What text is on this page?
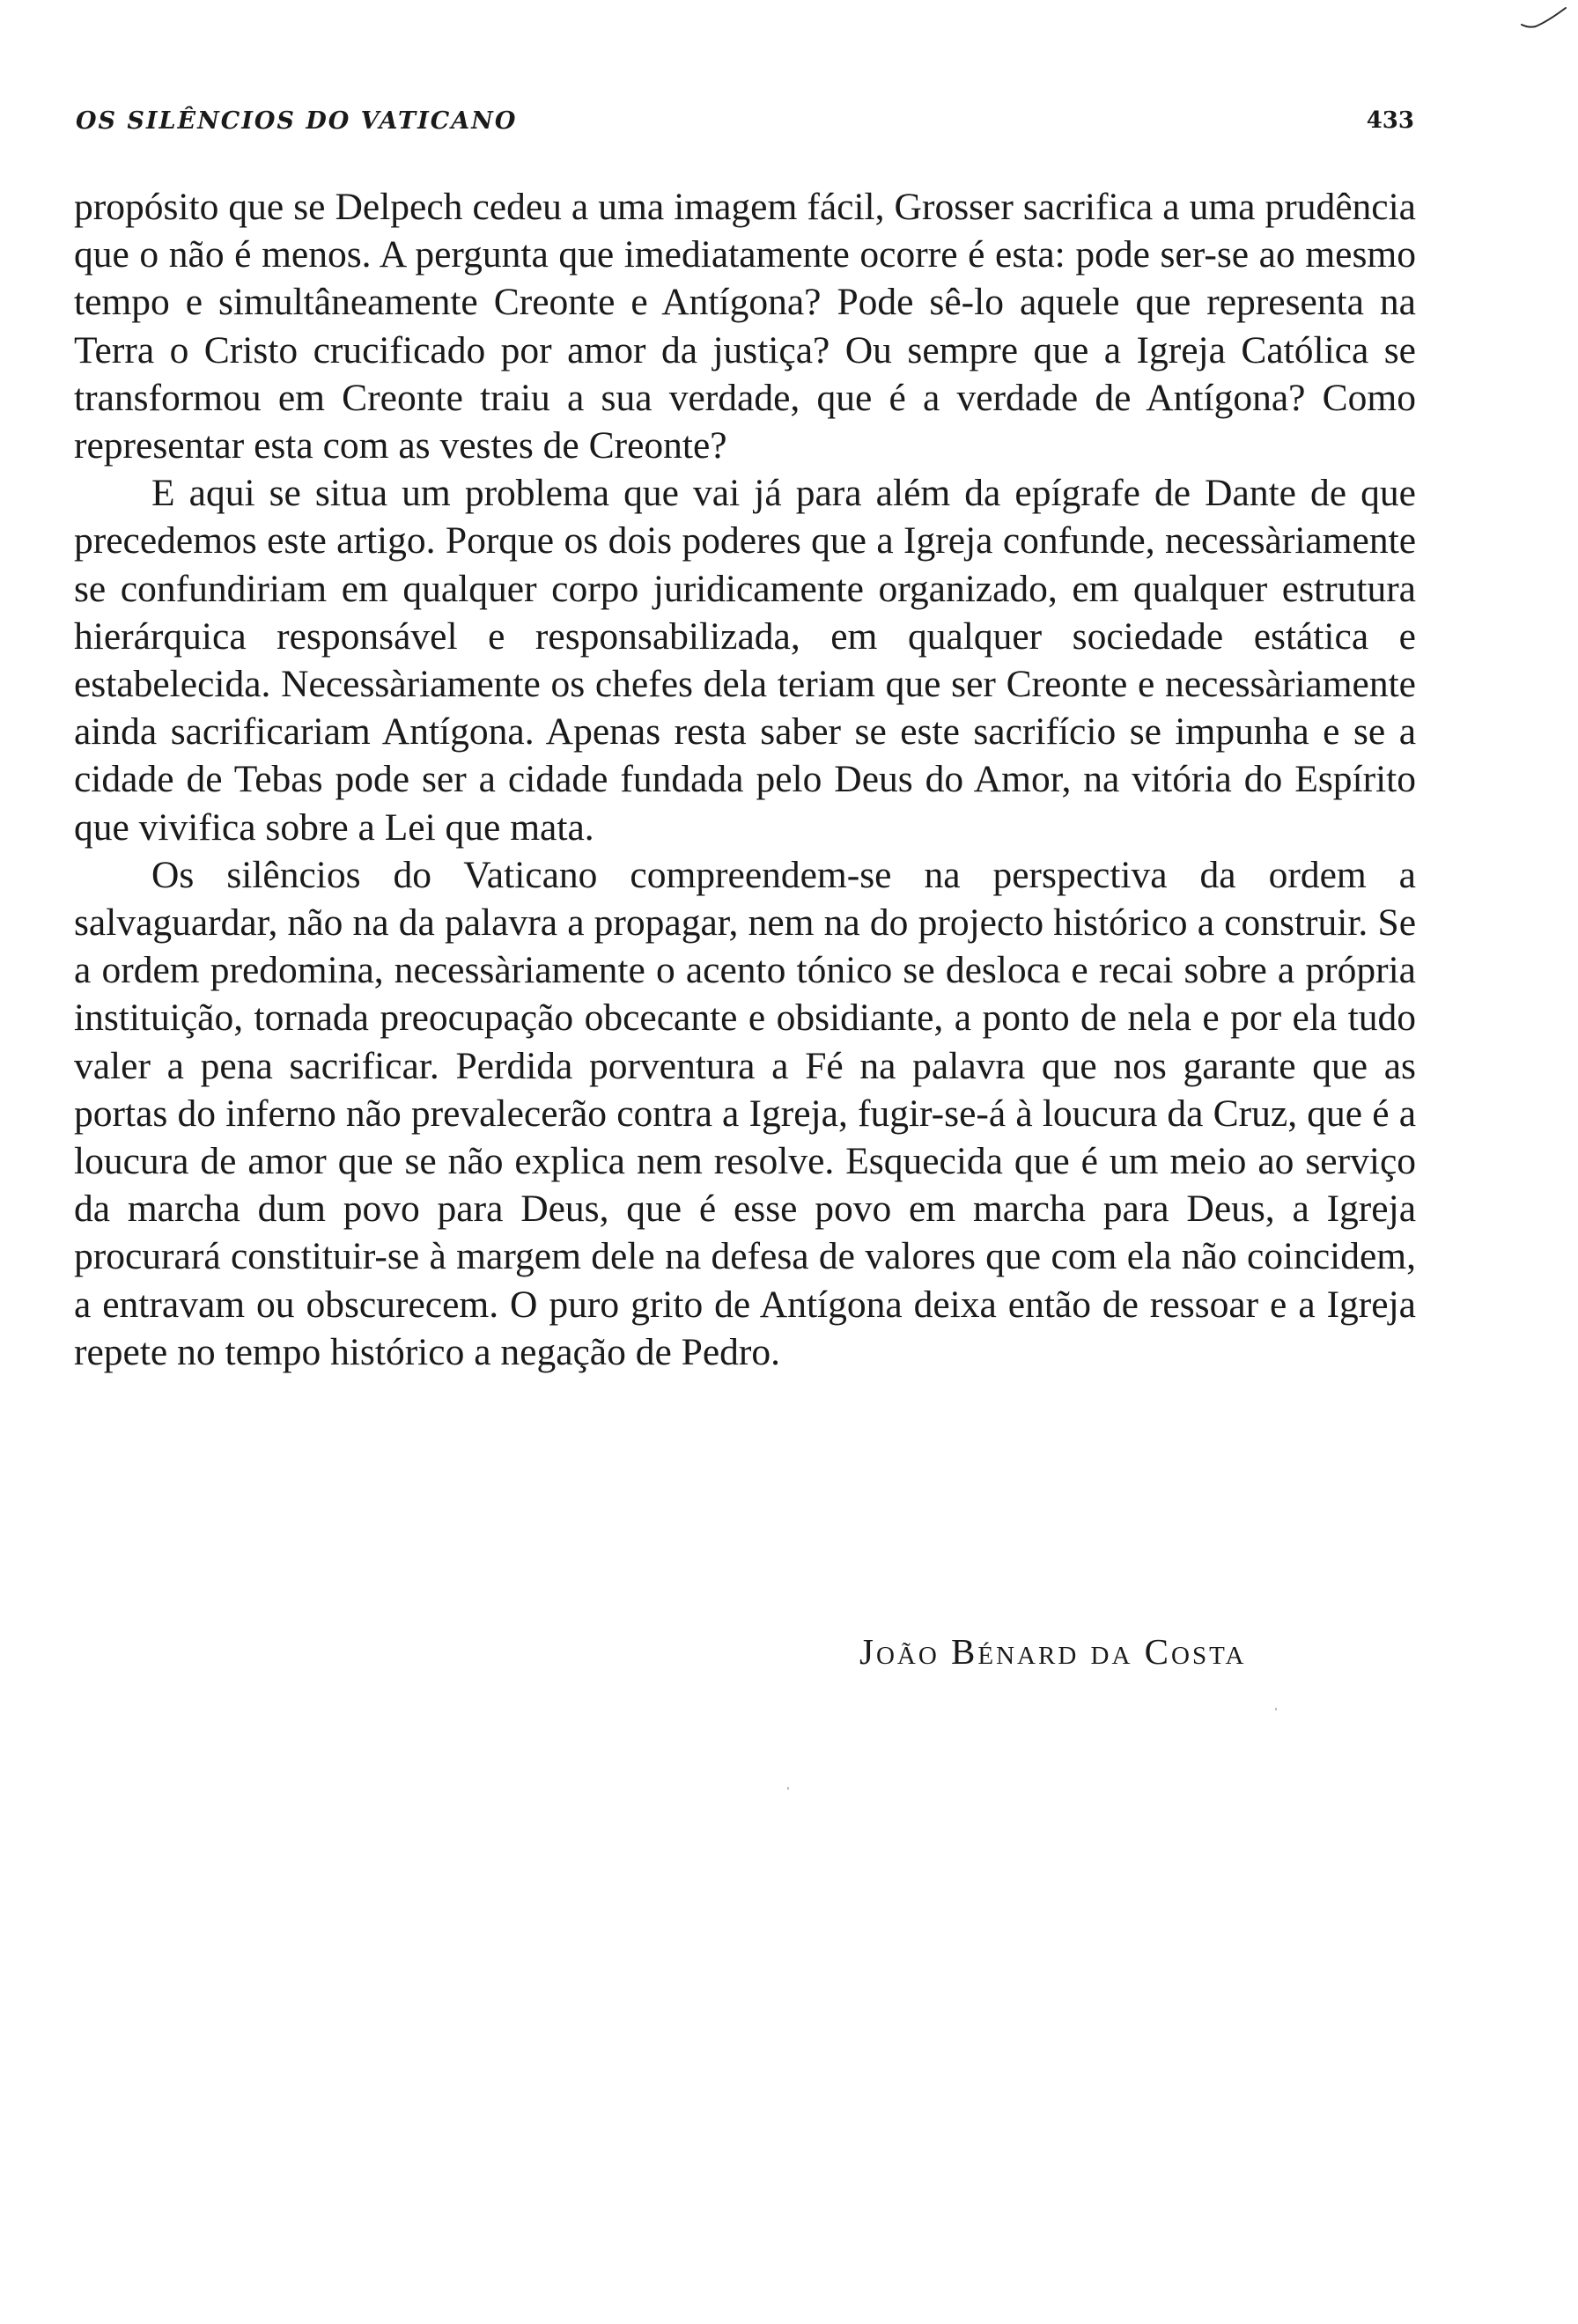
OS SILÊNCIOS DO VATICANO	433

propósito que se Delpech cedeu a uma imagem fácil, Grosser sacrifica a uma prudência que o não é menos. A pergunta que imediatamente ocorre é esta: pode ser-se ao mesmo tempo e simultâneamente Creonte e Antígona? Pode sê-lo aquele que representa na Terra o Cristo crucificado por amor da justiça? Ou sempre que a Igreja Católica se transformou em Creonte traiu a sua verdade, que é a verdade de Antígona? Como representar esta com as vestes de Creonte?

E aqui se situa um problema que vai já para além da epígrafe de Dante de que precedemos este artigo. Porque os dois poderes que a Igreja confunde, necessàriamente se confundiriam em qualquer corpo juridicamente organizado, em qualquer estrutura hierárquica responsável e responsabilizada, em qualquer sociedade estática e estabelecida. Necessàriamente os chefes dela teriam que ser Creonte e necessàriamente ainda sacrificariam Antígona. Apenas resta saber se este sacrifício se impunha e se a cidade de Tebas pode ser a cidade fundada pelo Deus do Amor, na vitória do Espírito que vivifica sobre a Lei que mata.

Os silêncios do Vaticano compreendem-se na perspectiva da ordem a salvaguardar, não na da palavra a propagar, nem na do projecto histórico a construir. Se a ordem predomina, necessàriamente o acento tónico se desloca e recai sobre a própria instituição, tornada preocupação obcecante e obsidiante, a ponto de nela e por ela tudo valer a pena sacrificar. Perdida porventura a Fé na palavra que nos garante que as portas do inferno não prevalecerão contra a Igreja, fugir-se-á à loucura da Cruz, que é a loucura de amor que se não explica nem resolve. Esquecida que é um meio ao serviço da marcha dum povo para Deus, que é esse povo em marcha para Deus, a Igreja procurará constituir-se à margem dele na defesa de valores que com ela não coincidem, a entravam ou obscurecem. O puro grito de Antígona deixa então de ressoar e a Igreja repete no tempo histórico a negação de Pedro.

João Bénard da Costa
